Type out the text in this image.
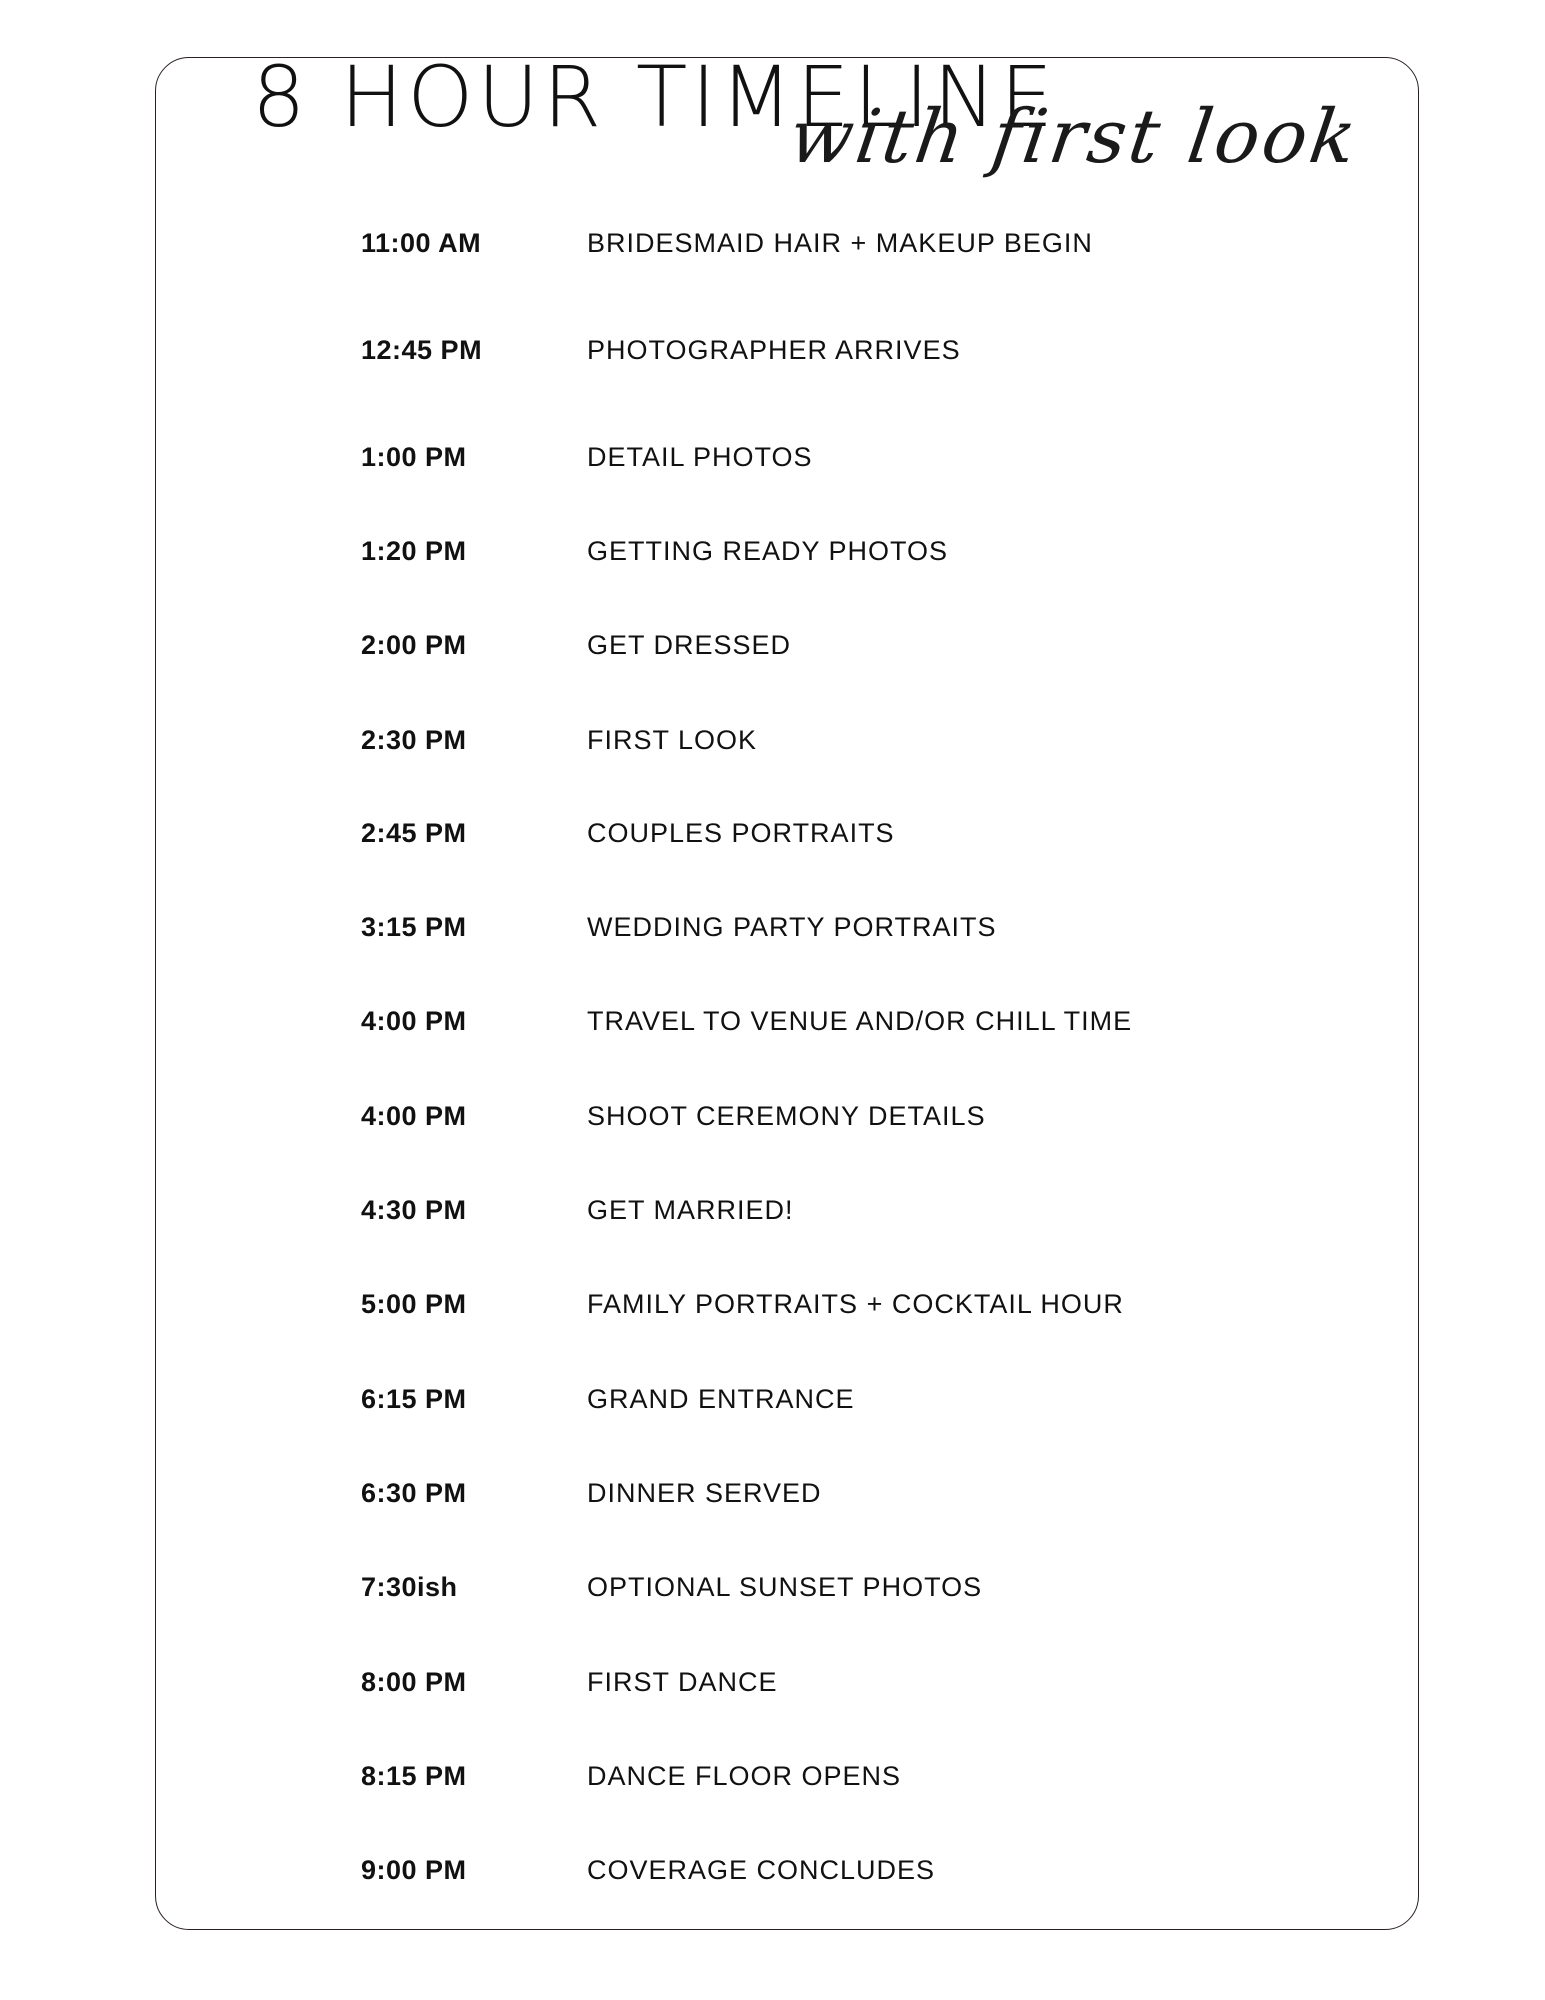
8 HOUR TIMELINE
with first look
11:00 AM	BRIDESMAID HAIR + MAKEUP BEGIN
12:45 PM	PHOTOGRAPHER ARRIVES
1:00 PM	DETAIL PHOTOS
1:20 PM	GETTING READY PHOTOS
2:00 PM	GET DRESSED
2:30 PM	FIRST LOOK
2:45 PM	COUPLES PORTRAITS
3:15 PM	WEDDING PARTY PORTRAITS
4:00 PM	TRAVEL TO VENUE AND/OR CHILL TIME
4:00 PM	SHOOT CEREMONY DETAILS
4:30 PM	GET MARRIED!
5:00 PM	FAMILY PORTRAITS + COCKTAIL HOUR
6:15 PM	GRAND ENTRANCE
6:30 PM	DINNER SERVED
7:30ish	OPTIONAL SUNSET PHOTOS
8:00 PM	FIRST DANCE
8:15 PM	DANCE FLOOR OPENS
9:00 PM	COVERAGE CONCLUDES
